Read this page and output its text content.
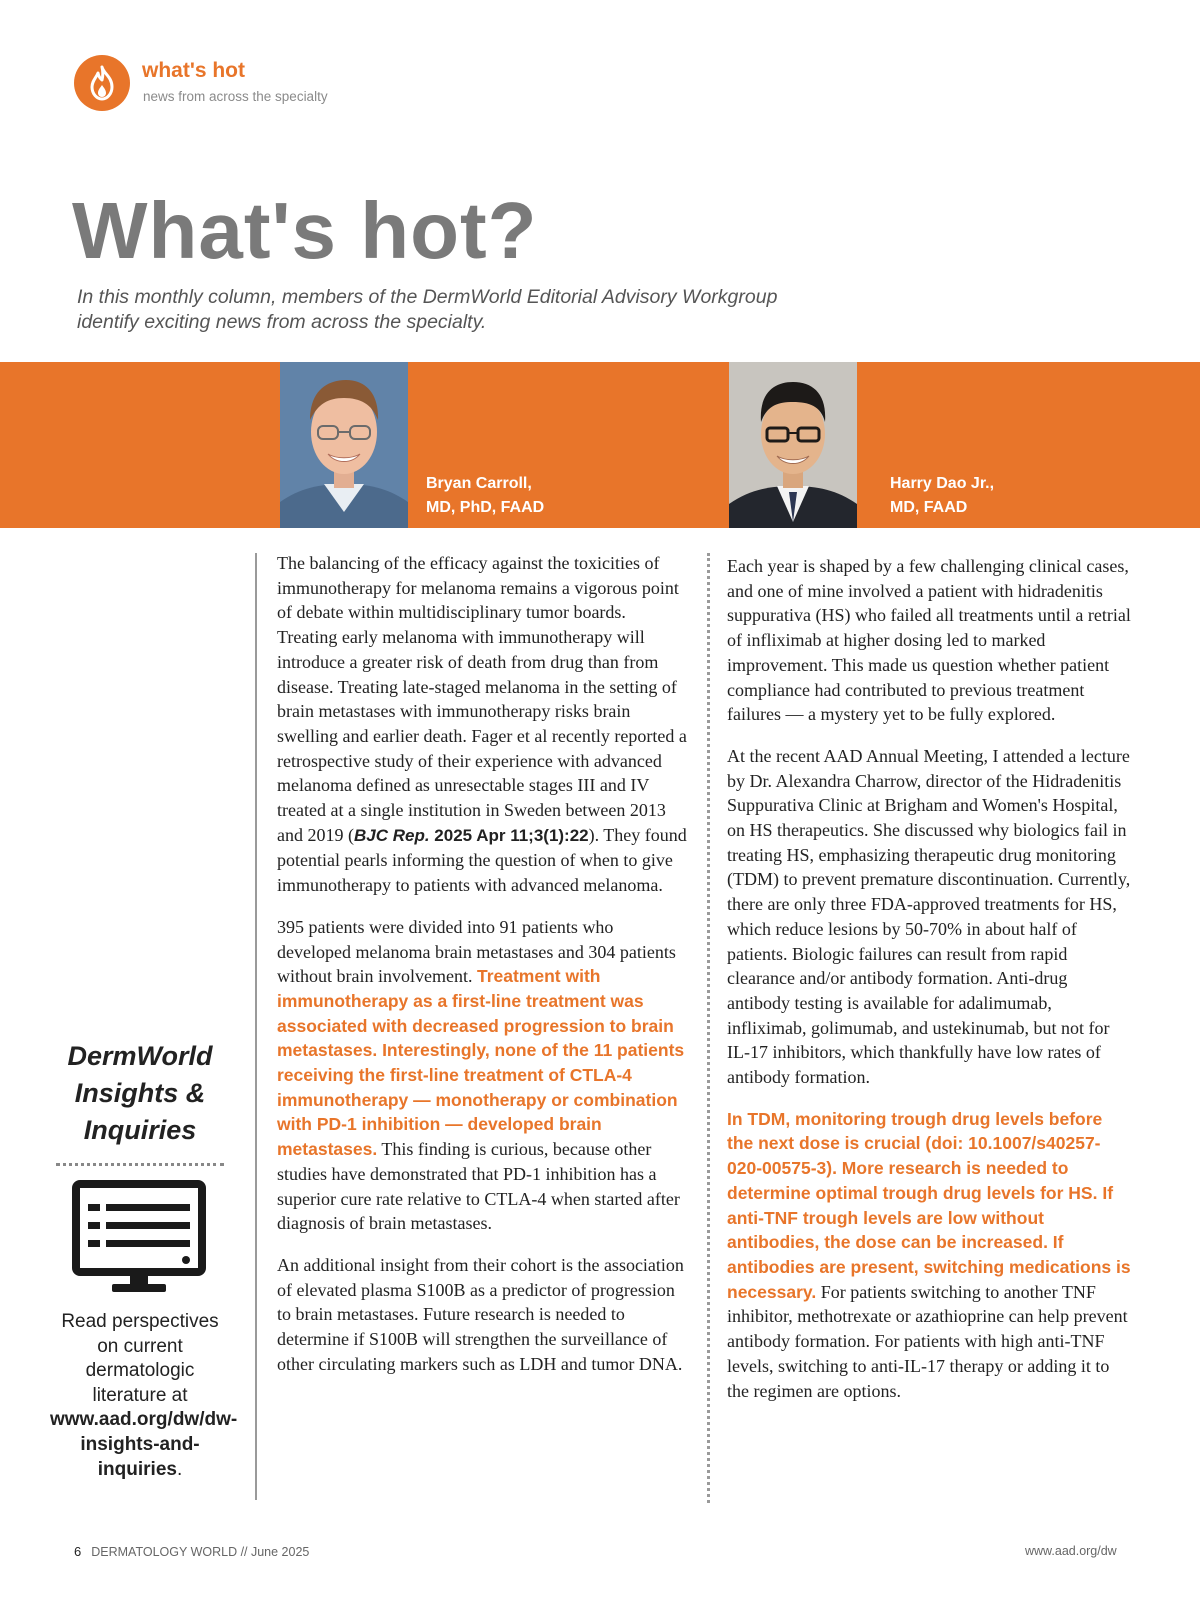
what's hot
news from across the specialty
What's hot?

In this monthly column, members of the DermWorld Editorial Advisory Workgroup identify exciting news from across the specialty.

Bryan Carroll,
MD, PhD, FAAD
Harry Dao Jr.,
MD, FAAD
DermWorld Insights & Inquiries
Read perspectives on current dermatologic literature at
www.aad.org/dw/dw-insights-and-inquiries.

The balancing of the efficacy against the toxicities of immunotherapy for melanoma remains a vigorous point of debate within multidisciplinary tumor boards. Treating early melanoma with immunotherapy will introduce a greater risk of death from drug than from disease. Treating late-staged melanoma in the setting of brain metastases with immunotherapy risks brain swelling and earlier death. Fager et al recently reported a retrospective study of their experience with advanced melanoma defined as unresectable stages III and IV treated at a single institution in Sweden between 2013 and 2019 (BJC Rep. 2025 Apr 11;3(1):22). They found potential pearls informing the question of when to give immunotherapy to patients with advanced melanoma.

395 patients were divided into 91 patients who developed melanoma brain metastases and 304 patients without brain involvement. Treatment with immunotherapy as a first-line treatment was associated with decreased progression to brain metastases. Interestingly, none of the 11 patients receiving the first-line treatment of CTLA-4 immunotherapy — monotherapy or combination with PD-1 inhibition — developed brain metastases. This finding is curious, because other studies have demonstrated that PD-1 inhibition has a superior cure rate relative to CTLA-4 when started after diagnosis of brain metastases.

An additional insight from their cohort is the association of elevated plasma S100B as a predictor of progression to brain metastases. Future research is needed to determine if S100B will strengthen the surveillance of other circulating markers such as LDH and tumor DNA.

Each year is shaped by a few challenging clinical cases, and one of mine involved a patient with hidradenitis suppurativa (HS) who failed all treatments until a retrial of infliximab at higher dosing led to marked improvement. This made us question whether patient compliance had contributed to previous treatment failures — a mystery yet to be fully explored.

At the recent AAD Annual Meeting, I attended a lecture by Dr. Alexandra Charrow, director of the Hidradenitis Suppurativa Clinic at Brigham and Women's Hospital, on HS therapeutics. She discussed why biologics fail in treating HS, emphasizing therapeutic drug monitoring (TDM) to prevent premature discontinuation. Currently, there are only three FDA-approved treatments for HS, which reduce lesions by 50-70% in about half of patients. Biologic failures can result from rapid clearance and/or antibody formation. Anti-drug antibody testing is available for adalimumab, infliximab, golimumab, and ustekinumab, but not for IL-17 inhibitors, which thankfully have low rates of antibody formation.

In TDM, monitoring trough drug levels before the next dose is crucial (doi: 10.1007/s40257-020-00575-3). More research is needed to determine optimal trough drug levels for HS. If anti-TNF trough levels are low without antibodies, the dose can be increased. If antibodies are present, switching medications is necessary. For patients switching to another TNF inhibitor, methotrexate or azathioprine can help prevent antibody formation. For patients with high anti-TNF levels, switching to anti-IL-17 therapy or adding it to the regimen are options.

6 DERMATOLOGY WORLD // June 2025	www.aad.org/dw
